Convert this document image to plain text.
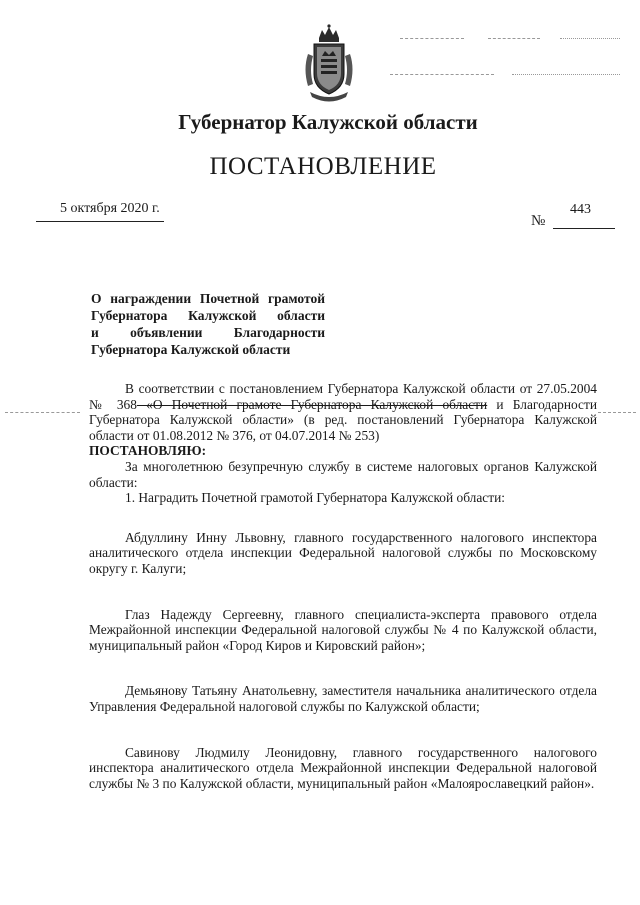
Губернатор Калужской области
ПОСТАНОВЛЕНИЕ
5 октября 2020 г.
№
443
О награждении Почетной грамотой
Губернатора Калужской области
и объявлении Благодарности
Губернатора Калужской области

В соответствии с постановлением Губернатора Калужской области от 27.05.2004 № 368 «О Почетной грамоте Губернатора Калужской области и Благодарности Губернатора Калужской области» (в ред. постановлений Губернатора Калужской области от 01.08.2012 № 376, от 04.07.2014 № 253)

ПОСТАНОВЛЯЮ:

За многолетнюю безупречную службу в системе налоговых органов Калужской области:

1. Наградить Почетной грамотой Губернатора Калужской области:

Абдуллину Инну Львовну, главного государственного налогового инспектора аналитического отдела инспекции Федеральной налоговой службы по Московскому округу г. Калуги;

Глаз Надежду Сергеевну, главного специалиста-эксперта правового отдела Межрайонной инспекции Федеральной налоговой службы № 4 по Калужской области, муниципальный район «Город Киров и Кировский район»;

Демьянову Татьяну Анатольевну, заместителя начальника аналитического отдела Управления Федеральной налоговой службы по Калужской области;

Савинову Людмилу Леонидовну, главного государственного налогового инспектора аналитического отдела Межрайонной инспекции Федеральной налоговой службы № 3 по Калужской области, муниципальный район «Малоярославецкий район».
